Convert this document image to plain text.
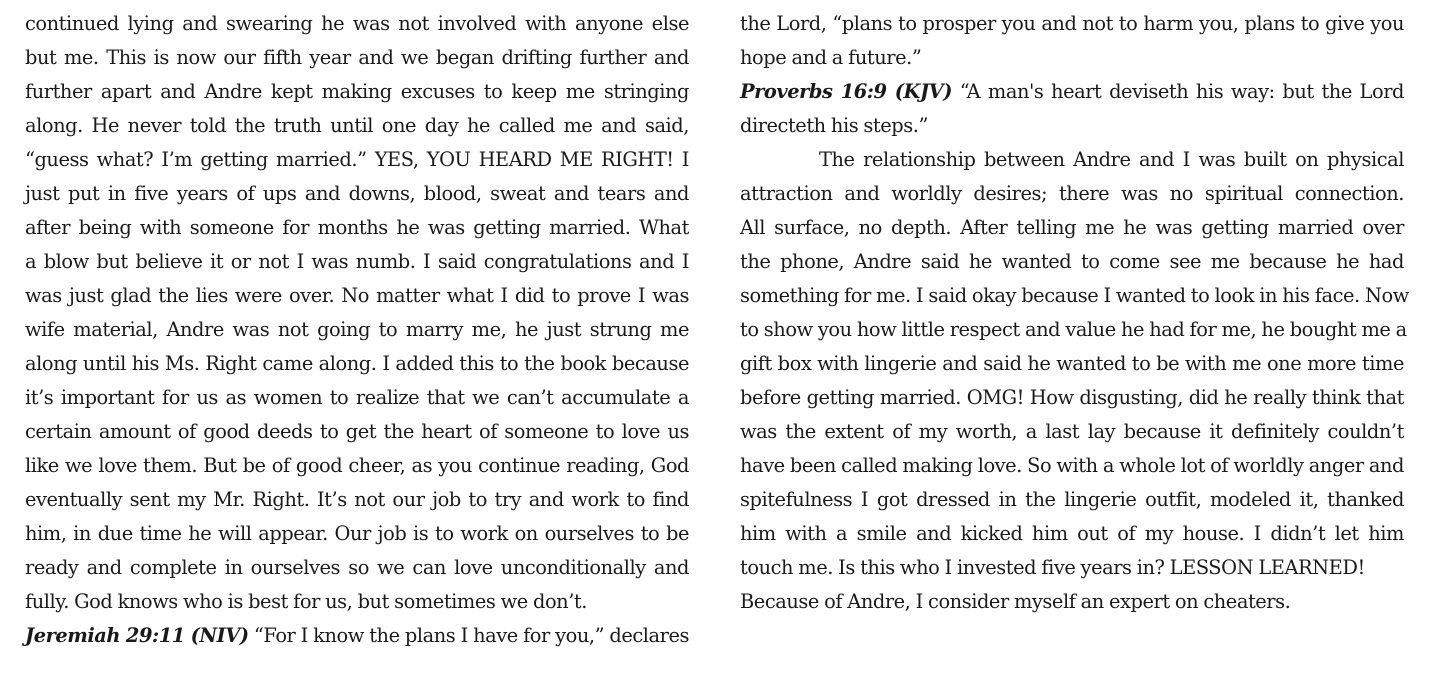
continued lying and swearing he was not involved with anyone else
but me. This is now our fifth year and we began drifting further and
further apart and Andre kept making excuses to keep me stringing
along. He never told the truth until one day he called me and said,
“guess what? I’m getting married.” YES, YOU HEARD ME RIGHT! I
just put in five years of ups and downs, blood, sweat and tears and
after being with someone for months he was getting married. What
a blow but believe it or not I was numb. I said congratulations and I
was just glad the lies were over. No matter what I did to prove I was
wife material, Andre was not going to marry me, he just strung me
along until his Ms. Right came along. I added this to the book because
it’s important for us as women to realize that we can’t accumulate a
certain amount of good deeds to get the heart of someone to love us
like we love them. But be of good cheer, as you continue reading, God
eventually sent my Mr. Right. It’s not our job to try and work to find
him, in due time he will appear. Our job is to work on ourselves to be
ready and complete in ourselves so we can love unconditionally and
fully. God knows who is best for us, but sometimes we don’t.
Jeremiah 29:11 (NIV) “For I know the plans I have for you,” declares
the Lord, “plans to prosper you and not to harm you, plans to give you
hope and a future.”
Proverbs 16:9 (KJV) “A man's heart deviseth his way: but the Lord
directeth his steps.”
The relationship between Andre and I was built on physical
attraction and worldly desires; there was no spiritual connection.
All surface, no depth. After telling me he was getting married over
the phone, Andre said he wanted to come see me because he had
something for me. I said okay because I wanted to look in his face. Now
to show you how little respect and value he had for me, he bought me a
gift box with lingerie and said he wanted to be with me one more time
before getting married. OMG! How disgusting, did he really think that
was the extent of my worth, a last lay because it definitely couldn’t
have been called making love. So with a whole lot of worldly anger and
spitefulness I got dressed in the lingerie outfit, modeled it, thanked
him with a smile and kicked him out of my house. I didn’t let him
touch me. Is this who I invested five years in? LESSON LEARNED!
Because of Andre, I consider myself an expert on cheaters.
